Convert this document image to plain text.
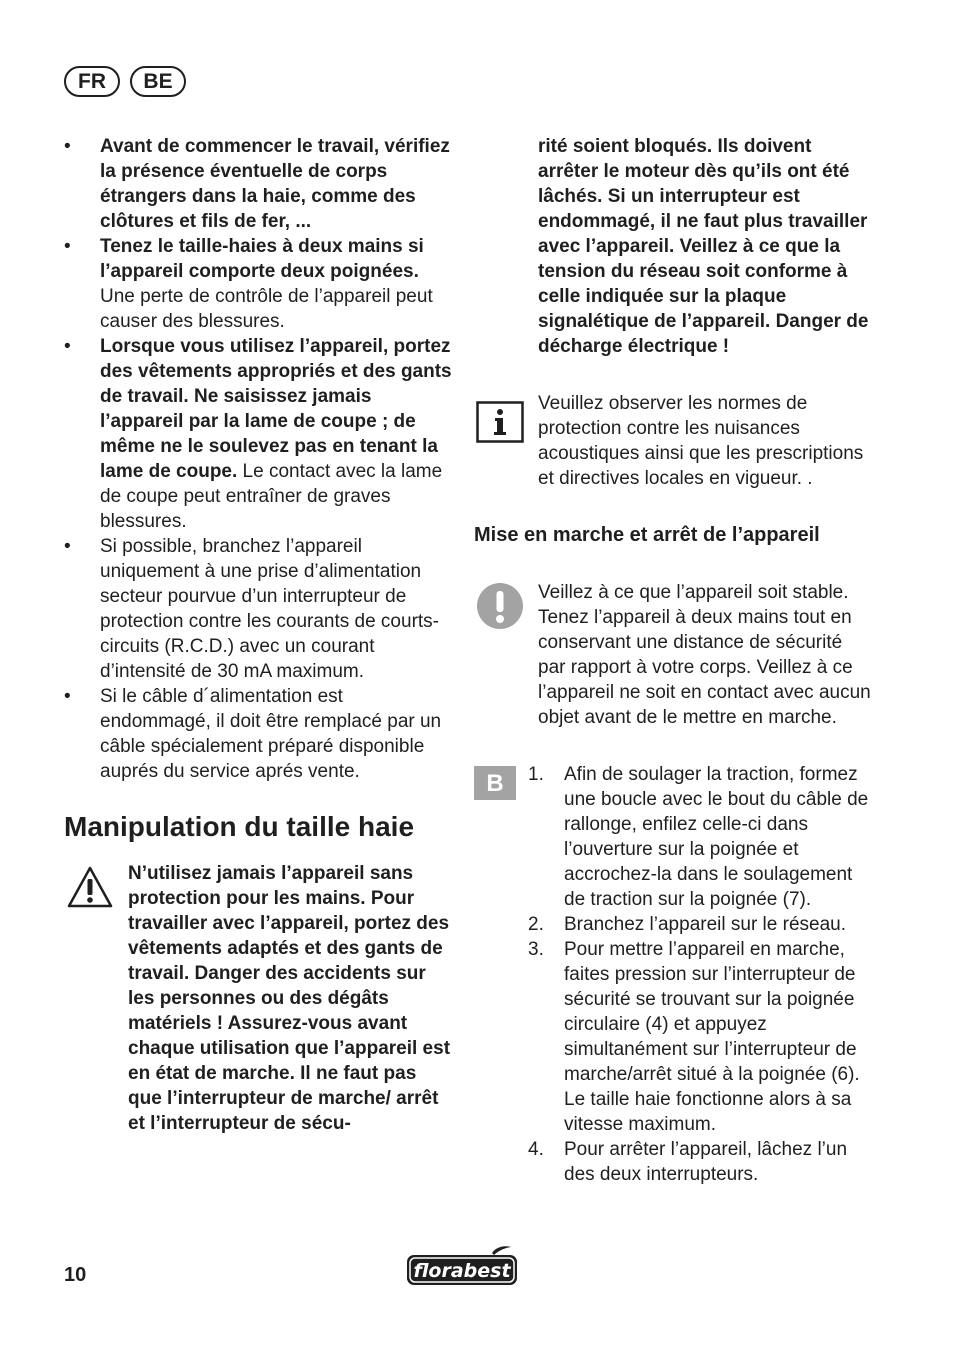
FR	BE
• Avant de commencer le travail, vérifiez la présence éventuelle de corps étrangers dans la haie, comme des clôtures et fils de fer, ...
• Tenez le taille-haies à deux mains si l’appareil comporte deux poignées. Une perte de contrôle de l’appareil peut causer des blessures.
• Lorsque vous utilisez l’appareil, portez des vêtements appropriés et des gants de travail. Ne saisissez jamais l’appareil par la lame de coupe ; de même ne le soulevez pas en tenant la lame de coupe. Le contact avec la lame de coupe peut entraîner de graves blessures.
• Si possible, branchez l’appareil uniquement à une prise d’alimentation secteur pourvue d’un interrupteur de protection contre les courants de courts-circuits (R.C.D.) avec un courant d’intensité de 30 mA maximum.
• Si le câble d´alimentation est endommagé, il doit être remplacé par un câble spécialement préparé disponible auprés du service aprés vente.
Manipulation du taille haie
N’utilisez jamais l’appareil sans protection pour les mains. Pour travailler avec l’appareil, portez des vêtements adaptés et des gants de travail. Danger des accidents sur les personnes ou des dégâts matériels ! Assurez-vous avant chaque utilisation que l’appareil est en état de marche. Il ne faut pas que l’interrupteur de marche/ arrêt et l’interrupteur de sécu-

rité soient bloqués. Ils doivent arrêter le moteur dès qu’ils ont été lâchés. Si un interrupteur est endommagé, il ne faut plus travailler avec l’appareil. Veillez à ce que la tension du réseau soit conforme à celle indiquée sur la plaque signalétique de l’appareil. Danger de décharge électrique !

Veuillez observer les normes de protection contre les nuisances acoustiques ainsi que les prescriptions et directives locales en vigueur. .
Mise en marche et arrêt de l’appareil
Veillez à ce que l’appareil soit stable. Tenez l’appareil à deux mains tout en conservant une distance de sécurité par rapport à votre corps. Veillez à ce l’appareil ne soit en contact avec aucun objet avant de le mettre en marche.
B	1. Afin de soulager la traction, formez une boucle avec le bout du câble de rallonge, enfilez celle-ci dans l’ouverture sur la poignée et accrochez-la dans le soulagement de traction sur la poignée (7).
2. Branchez l’appareil sur le réseau.
3. Pour mettre l’appareil en marche, faites pression sur l’interrupteur de sécurité se trouvant sur la poignée circulaire (4) et appuyez simultanément sur l’interrupteur de marche/arrêt situé à la poignée (6). Le taille haie fonctionne alors à sa vitesse maximum.
4. Pour arrêter l’appareil, lâchez l’un des deux interrupteurs.
10	florabest
